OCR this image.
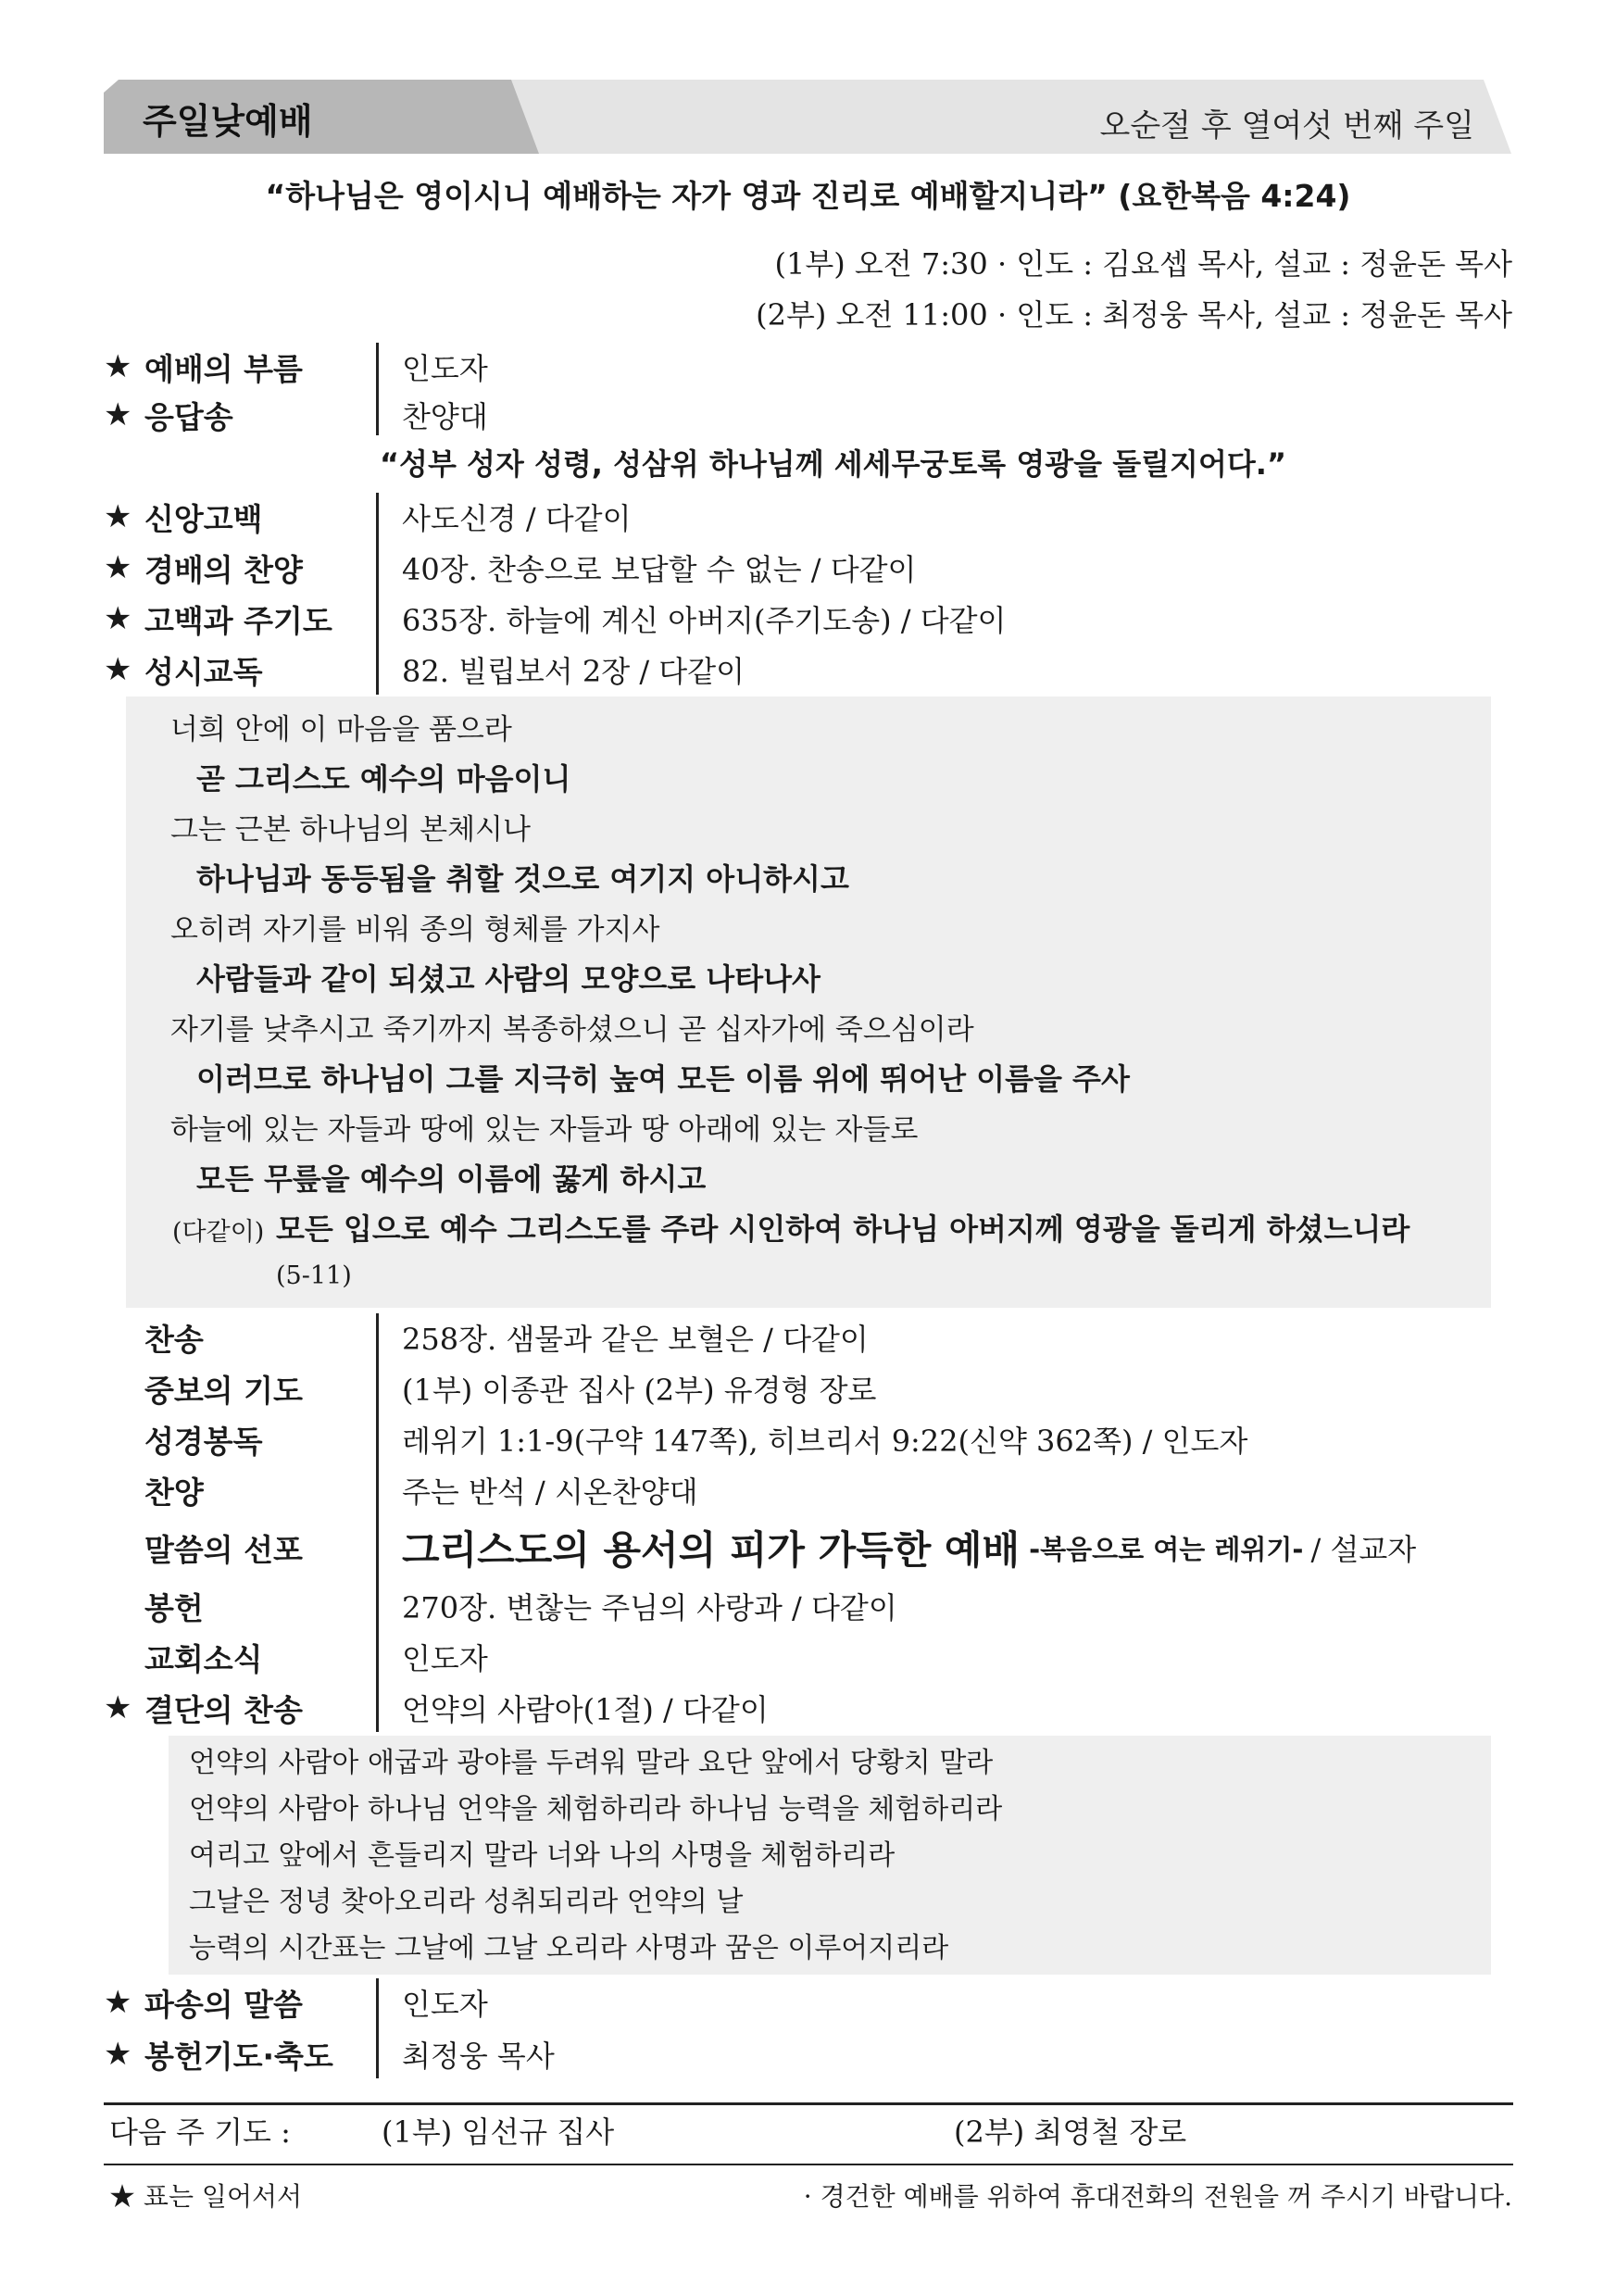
주일낮예배	오순절 후 열여섯 번째 주일
“하나님은 영이시니 예배하는 자가 영과 진리로 예배할지니라” (요한복음 4:24)
(1부) 오전 7:30 · 인도 : 김요셉 목사, 설교 : 정윤돈 목사
(2부) 오전 11:00 · 인도 : 최정웅 목사, 설교 : 정윤돈 목사
★ 예배의 부름	인도자
★ 응답송	찬양대
“성부 성자 성령, 성삼위 하나님께 세세무궁토록 영광을 돌릴지어다.”
★ 신앙고백	사도신경 / 다같이
★ 경배의 찬양	40장. 찬송으로 보답할 수 없는 / 다같이
★ 고백과 주기도	635장. 하늘에 계신 아버지(주기도송) / 다같이
★ 성시교독	82. 빌립보서 2장 / 다같이
너희 안에 이 마음을 품으라
곧 그리스도 예수의 마음이니
그는 근본 하나님의 본체시나
하나님과 동등됨을 취할 것으로 여기지 아니하시고
오히려 자기를 비워 종의 형체를 가지사
사람들과 같이 되셨고 사람의 모양으로 나타나사
자기를 낮추시고 죽기까지 복종하셨으니 곧 십자가에 죽으심이라
이러므로 하나님이 그를 지극히 높여 모든 이름 위에 뛰어난 이름을 주사
하늘에 있는 자들과 땅에 있는 자들과 땅 아래에 있는 자들로
모든 무릎을 예수의 이름에 꿇게 하시고
(다같이) 모든 입으로 예수 그리스도를 주라 시인하여 하나님 아버지께 영광을 돌리게 하셨느니라
(5-11)
찬송	258장. 샘물과 같은 보혈은 / 다같이
중보의 기도	(1부) 이종관 집사 (2부) 유경형 장로
성경봉독	레위기 1:1-9(구약 147쪽), 히브리서 9:22(신약 362쪽) / 인도자
찬양	주는 반석 / 시온찬양대
말씀의 선포	그리스도의 용서의 피가 가득한 예배 -복음으로 여는 레위기- / 설교자
봉헌	270장. 변찮는 주님의 사랑과 / 다같이
교회소식	인도자
★ 결단의 찬송	언약의 사람아(1절) / 다같이
언약의 사람아 애굽과 광야를 두려워 말라 요단 앞에서 당황치 말라
언약의 사람아 하나님 언약을 체험하리라 하나님 능력을 체험하리라
여리고 앞에서 흔들리지 말라 너와 나의 사명을 체험하리라
그날은 정녕 찾아오리라 성취되리라 언약의 날
능력의 시간표는 그날에 그날 오리라 사명과 꿈은 이루어지리라
★ 파송의 말씀	인도자
★ 봉헌기도·축도	최정웅 목사
다음 주 기도 :	(1부) 임선규 집사	(2부) 최영철 장로
★ 표는 일어서서	· 경건한 예배를 위하여 휴대전화의 전원을 꺼 주시기 바랍니다.
